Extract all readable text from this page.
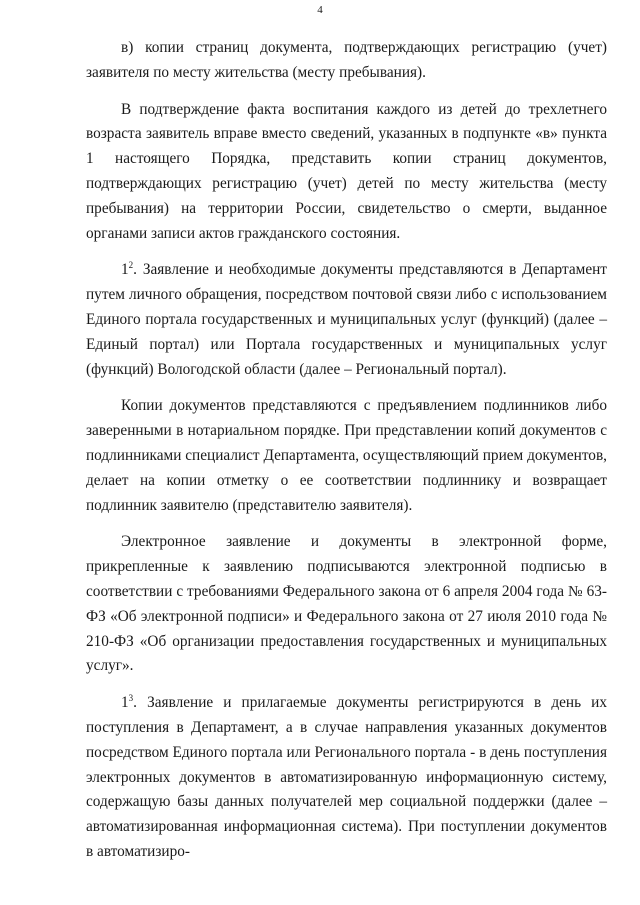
4

в) копии страниц документа, подтверждающих регистрацию (учет) заявителя по месту жительства (месту пребывания).

В подтверждение факта воспитания каждого из детей до трехлетнего возраста заявитель вправе вместо сведений, указанных в подпункте «в» пункта 1 настоящего Порядка, представить копии страниц документов, подтверждающих регистрацию (учет) детей по месту жительства (месту пребывания) на территории России, свидетельство о смерти, выданное органами записи актов гражданского состояния.

$1^2$. Заявление и необходимые документы представляются в Департамент путем личного обращения, посредством почтовой связи либо с использованием Единого портала государственных и муниципальных услуг (функций) (далее – Единый портал) или Портала государственных и муниципальных услуг (функций) Вологодской области (далее – Региональный портал).

Копии документов представляются с предъявлением подлинников либо заверенными в нотариальном порядке. При представлении копий документов с подлинниками специалист Департамента, осуществляющий прием документов, делает на копии отметку о ее соответствии подлиннику и возвращает подлинник заявителю (представителю заявителя).

Электронное заявление и документы в электронной форме, прикрепленные к заявлению подписываются электронной подписью в соответствии с требованиями Федерального закона от 6 апреля 2004 года № 63-ФЗ «Об электронной подписи» и Федерального закона от 27 июля 2010 года № 210-ФЗ «Об организации предоставления государственных и муниципальных услуг».

$1^3$. Заявление и прилагаемые документы регистрируются в день их поступления в Департамент, а в случае направления указанных документов посредством Единого портала или Регионального портала - в день поступления электронных документов в автоматизированную информационную систему, содержащую базы данных получателей мер социальной поддержки (далее – автоматизированная информационная система). При поступлении документов в автоматизиро-
